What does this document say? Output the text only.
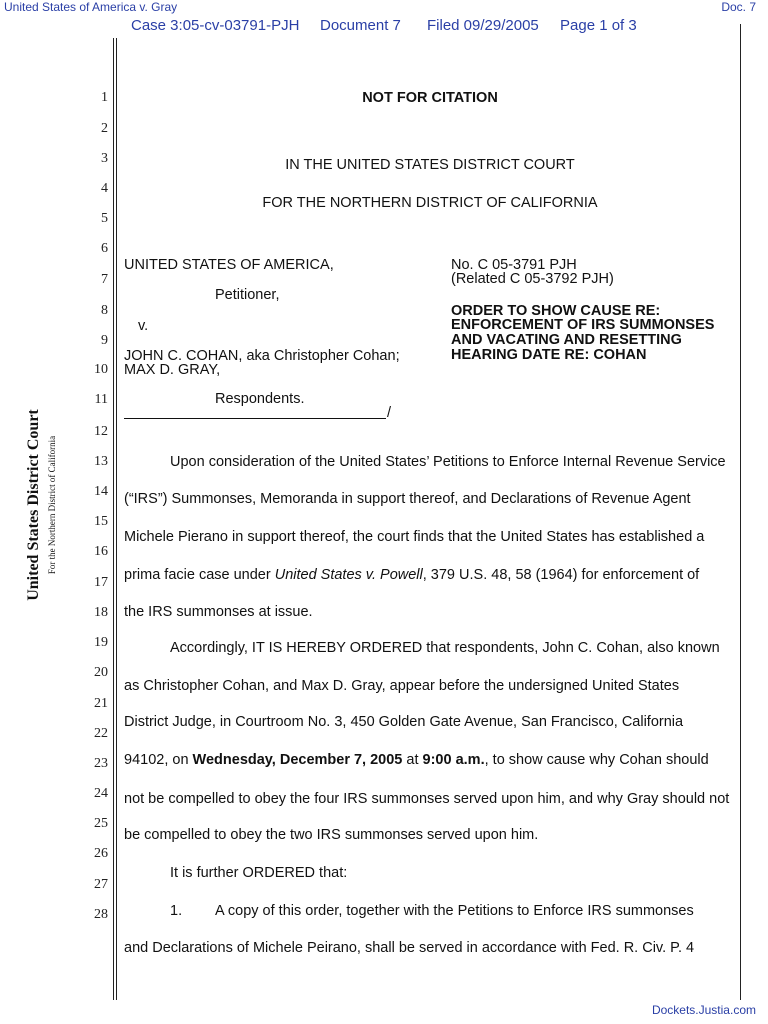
United States of America v. Gray	Doc. 7
Case 3:05-cv-03791-PJH Document 7 Filed 09/29/2005 Page 1 of 3
United States District Court For the Northern District of California
1
2
3
4
5
6
7
8
9
10
11
12
13
14
15
16
17
18
19
20
21
22
23
24
25
26
27
28
NOT FOR CITATION
IN THE UNITED STATES DISTRICT COURT
FOR THE NORTHERN DISTRICT OF CALIFORNIA
UNITED STATES OF AMERICA,
Petitioner,
v.
JOHN C. COHAN, aka Christopher Cohan;
MAX D. GRAY,
Respondents.
/
No. C 05-3791 PJH
(Related C 05-3792 PJH)
ORDER TO SHOW CAUSE RE:
ENFORCEMENT OF IRS SUMMONSES
AND VACATING AND RESETTING
HEARING DATE RE: COHAN
Upon consideration of the United States’ Petitions to Enforce Internal Revenue Service
(“IRS”) Summonses, Memoranda in support thereof, and Declarations of Revenue Agent
Michele Pierano in support thereof, the court finds that the United States has established a
prima facie case under United States v. Powell, 379 U.S. 48, 58 (1964) for enforcement of
the IRS summonses at issue.
Accordingly, IT IS HEREBY ORDERED that respondents, John C. Cohan, also known
as Christopher Cohan, and Max D. Gray, appear before the undersigned United States
District Judge, in Courtroom No. 3, 450 Golden Gate Avenue, San Francisco, California
94102, on Wednesday, December 7, 2005 at 9:00 a.m., to show cause why Cohan should
not be compelled to obey the four IRS summonses served upon him, and why Gray should not
be compelled to obey the two IRS summonses served upon him.
It is further ORDERED that:
1. A copy of this order, together with the Petitions to Enforce IRS summonses
and Declarations of Michele Peirano, shall be served in accordance with Fed. R. Civ. P. 4
Dockets.Justia.com
